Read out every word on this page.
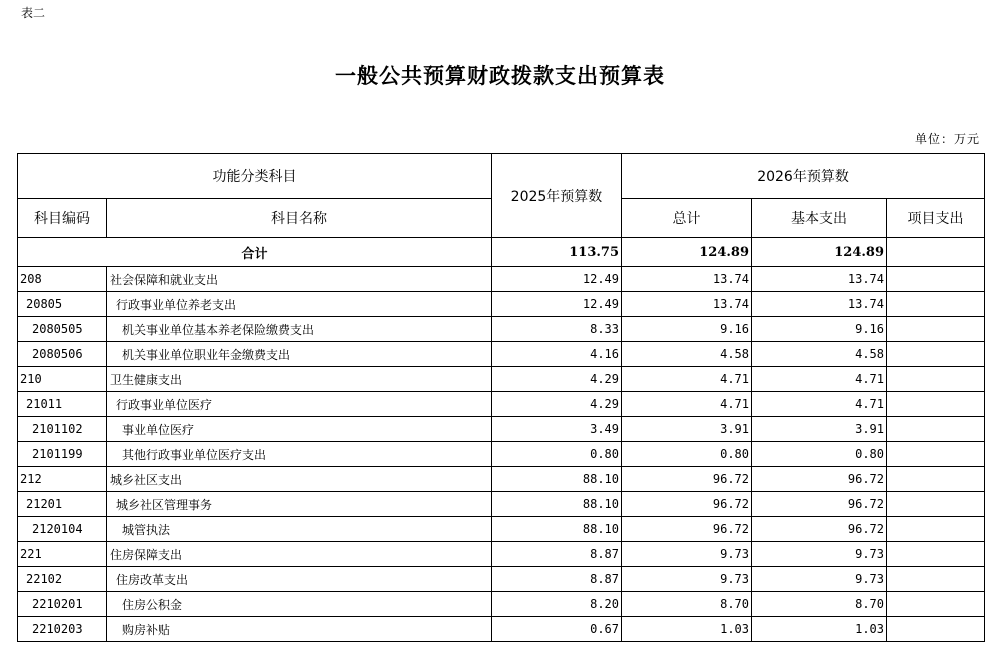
表二
一般公共预算财政拨款支出预算表
单位：万元
功能分类科目		2025年预算数	2026年预算数		
科目编码	科目名称		总计	基本支出	项目支出
合计		113.75	124.89	124.89	
208	社会保障和就业支出	12.49	13.74	13.74	
20805	行政事业单位养老支出	12.49	13.74	13.74	
2080505	机关事业单位基本养老保险缴费支出	8.33	9.16	9.16	
2080506	机关事业单位职业年金缴费支出	4.16	4.58	4.58	
210	卫生健康支出	4.29	4.71	4.71	
21011	行政事业单位医疗	4.29	4.71	4.71	
2101102	事业单位医疗	3.49	3.91	3.91	
2101199	其他行政事业单位医疗支出	0.80	0.80	0.80	
212	城乡社区支出	88.10	96.72	96.72	
21201	城乡社区管理事务	88.10	96.72	96.72	
2120104	城管执法	88.10	96.72	96.72	
221	住房保障支出	8.87	9.73	9.73	
22102	住房改革支出	8.87	9.73	9.73	
2210201	住房公积金	8.20	8.70	8.70	
2210203	购房补贴	0.67	1.03	1.03	
